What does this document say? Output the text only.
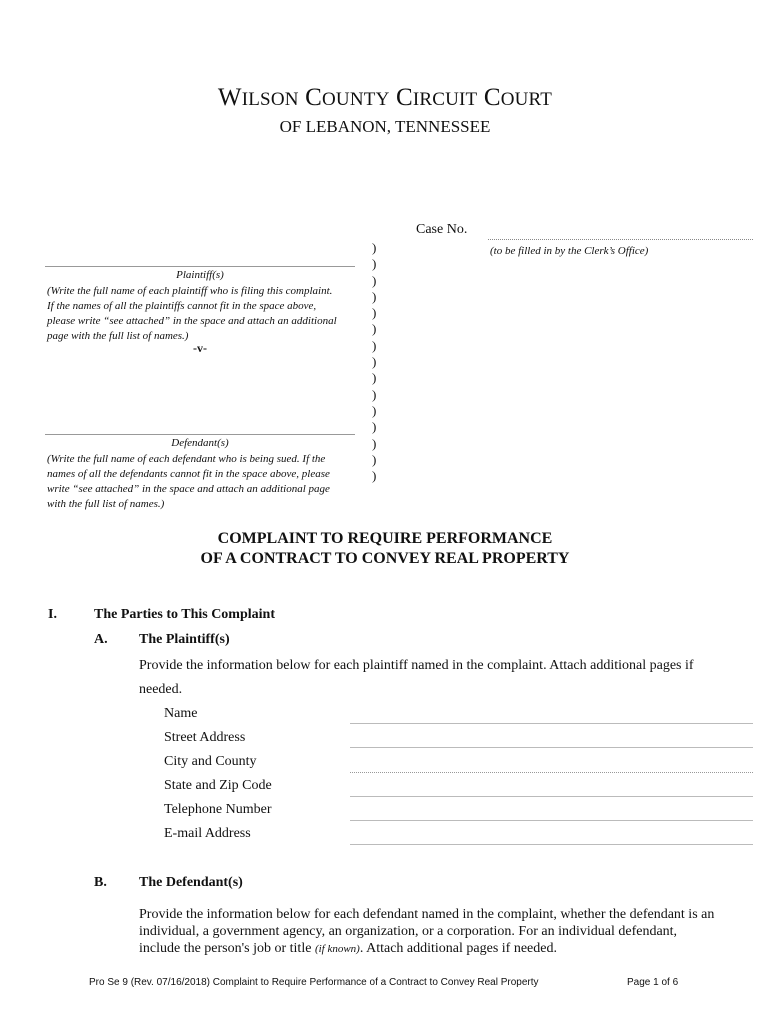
WILSON COUNTY CIRCUIT COURT
OF LEBANON, TENNESSEE
Case No.
(to be filled in by the Clerk’s Office)
Plaintiff(s)
(Write the full name of each plaintiff who is filing this complaint.
If the names of all the plaintiffs cannot fit in the space above,
please write “see attached” in the space and attach an additional
page with the full list of names.)
-v-
Defendant(s)
(Write the full name of each defendant who is being sued. If the
names of all the defendants cannot fit in the space above, please
write “see attached” in the space and attach an additional page
with the full list of names.)
)
)
)
)
)
)
)
)
)
)
)
)
)
)
)
COMPLAINT TO REQUIRE PERFORMANCE
OF A CONTRACT TO CONVEY REAL PROPERTY
I.	The Parties to This Complaint
A. The Plaintiff(s)
Provide the information below for each plaintiff named in the complaint. Attach additional pages if
needed.
Name
Street Address
City and County
State and Zip Code
Telephone Number
E-mail Address
B. The Defendant(s)
Provide the information below for each defendant named in the complaint, whether the defendant is an
individual, a government agency, an organization, or a corporation. For an individual defendant,
include the person's job or title (if known). Attach additional pages if needed.
Pro Se 9 (Rev. 07/16/2018) Complaint to Require Performance of a Contract to Convey Real Property	Page 1 of 6
